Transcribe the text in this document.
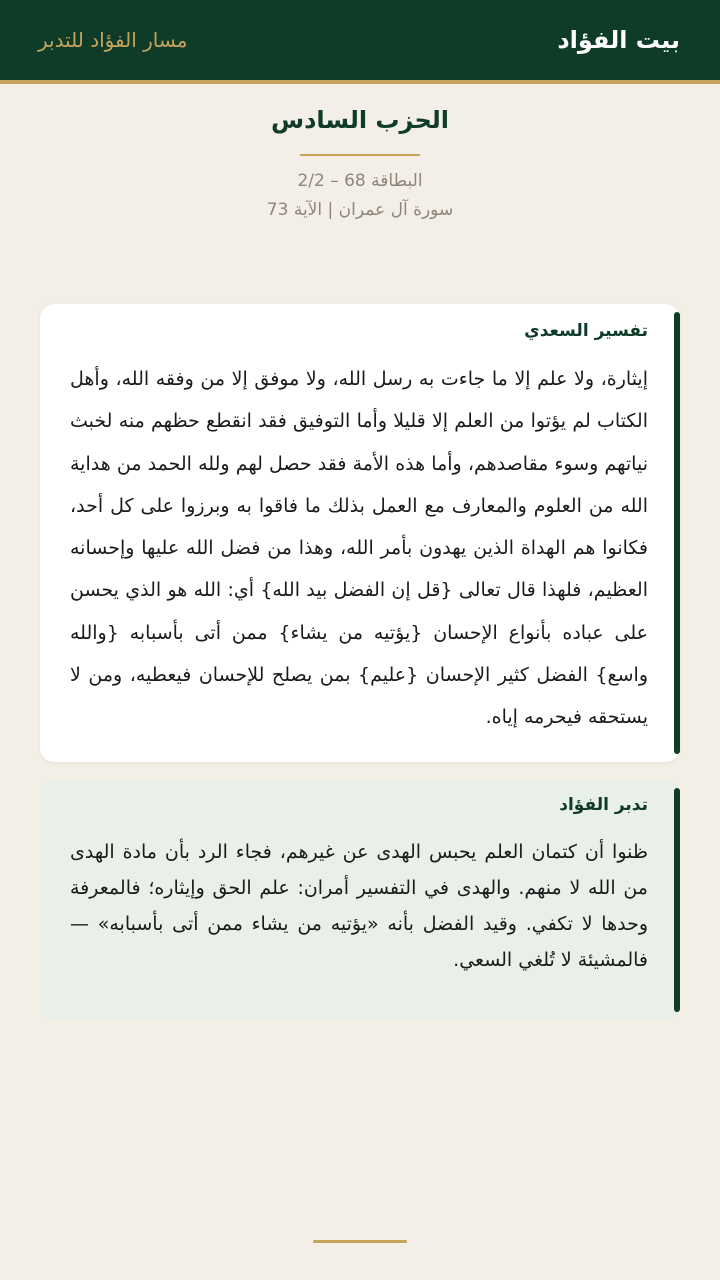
بيت الفؤاد
مسار الفؤاد للتدبر
الحزب السادس
البطاقة 68 – 2/2
سورة آل عمران | الآية 73
تفسير السعدي
إيثارة، ولا علم إلا ما جاءت به رسل الله، ولا موفق إلا من وفقه الله، وأهل الكتاب لم يؤتوا من العلم إلا قليلا وأما التوفيق فقد انقطع حظهم منه لخبث نياتهم وسوء مقاصدهم، وأما هذه الأمة فقد حصل لهم ولله الحمد من هداية الله من العلوم والمعارف مع العمل بذلك ما فاقوا به وبرزوا على كل أحد، فكانوا هم الهداة الذين يهدون بأمر الله، وهذا من فضل الله عليها وإحسانه العظيم، فلهذا قال تعالى {قل إن الفضل بيد الله} أي: الله هو الذي يحسن على عباده بأنواع الإحسان {يؤتيه من يشاء} ممن أتى بأسبابه {والله واسع} الفضل كثير الإحسان {عليم} بمن يصلح للإحسان فيعطيه، ومن لا يستحقه فيحرمه إياه.
تدبر الفؤاد
ظنوا أن كتمان العلم يحبس الهدى عن غيرهم، فجاء الرد بأن مادة الهدى من الله لا منهم. والهدى في التفسير أمران: علم الحق وإيثاره؛ فالمعرفة وحدها لا تكفي. وقيد الفضل بأنه «يؤتيه من يشاء ممن أتى بأسبابه» — فالمشيئة لا تُلغي السعي.
